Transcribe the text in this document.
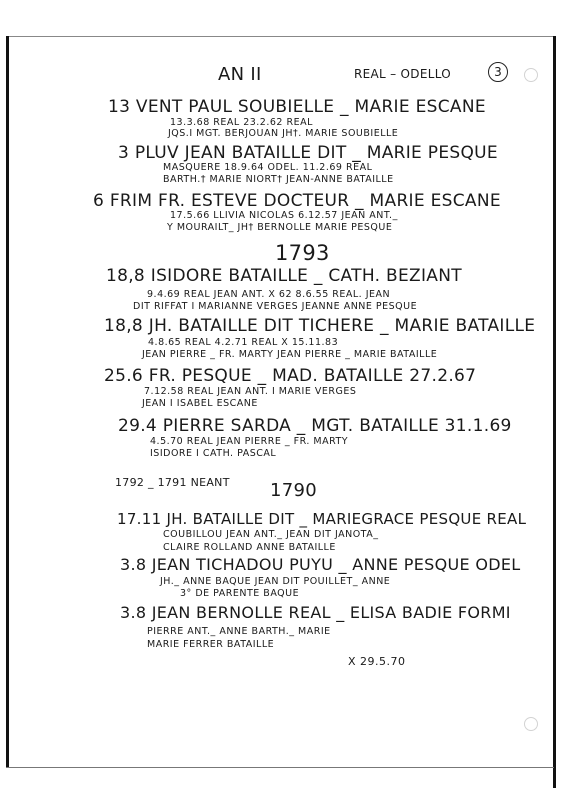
AN II	REAL – ODELLO	3
13 VENT PAUL SOUBIELLE _ MARIE ESCANE
13.3.68 REAL 23.2.62 REAL
JQS.I MGT. BERJOUAN JH†. MARIE SOUBIELLE
3 PLUV JEAN BATAILLE DIT _ MARIE PESQUE
MASQUERE 18.9.64 ODEL. 11.2.69 REAL
BARTH.† MARIE NIORT† JEAN-ANNE BATAILLE
6 FRIM FR. ESTEVE DOCTEUR _ MARIE ESCANE
17.5.66 LLIVIA NICOLAS 6.12.57 JEAN ANT._
Y MOURAILT_ JH† BERNOLLE MARIE PESQUE
1793
18,8 ISIDORE BATAILLE _ CATH. BEZIANT
9.4.69 REAL JEAN ANT. X 62 8.6.55 REAL. JEAN
DIT RIFFAT I MARIANNE VERGES JEANNE ANNE PESQUE
18,8 JH. BATAILLE DIT TICHERE _ MARIE BATAILLE
4.8.65 REAL 4.2.71 REAL X 15.11.83
JEAN PIERRE _ FR. MARTY JEAN PIERRE _ MARIE BATAILLE
25.6 FR. PESQUE _ MAD. BATAILLE 27.2.67
7.12.58 REAL JEAN ANT. I MARIE VERGES
JEAN I ISABEL ESCANE
29.4 PIERRE SARDA _ MGT. BATAILLE 31.1.69
4.5.70 REAL JEAN PIERRE _ FR. MARTY
ISIDORE I CATH. PASCAL
1792 _ 1791 NEANT 1790
17.11 JH. BATAILLE DIT _ MARIEGRACE PESQUE REAL
COUBILLOU JEAN ANT._ JEAN DIT JANOTA_
CLAIRE ROLLAND ANNE BATAILLE
3.8 JEAN TICHADOU PUYU _ ANNE PESQUE ODEL
JH._ ANNE BAQUE JEAN DIT POUILLET_ ANNE
3° DE PARENTE BAQUE
3.8 JEAN BERNOLLE REAL _ ELISA BADIE FORMI
PIERRE ANT._ ANNE BARTH._ MARIE
MARIE FERRER BATAILLE
X 29.5.70
